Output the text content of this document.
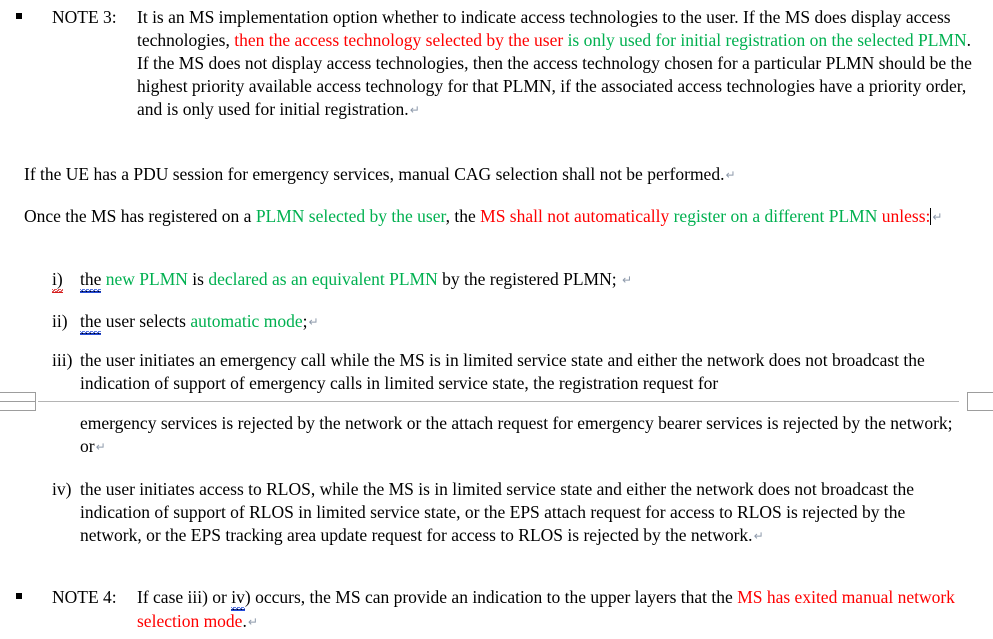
NOTE 3: It is an MS implementation option whether to indicate access technologies to the user. If the MS does display access technologies, then the access technology selected by the user is only used for initial registration on the selected PLMN. If the MS does not display access technologies, then the access technology chosen for a particular PLMN should be the highest priority available access technology for that PLMN, if the associated access technologies have a priority order, and is only used for initial registration.↵
If the UE has a PDU session for emergency services, manual CAG selection shall not be performed.↵
Once the MS has registered on a PLMN selected by the user, the MS shall not automatically register on a different PLMN unless: ↵
i) the new PLMN is declared as an equivalent PLMN by the registered PLMN; ↵
ii) the user selects automatic mode;↵
iii) the user initiates an emergency call while the MS is in limited service state and either the network does not broadcast the indication of support of emergency calls in limited service state, the registration request for
emergency services is rejected by the network or the attach request for emergency bearer services is rejected by the network; or↵
iv) the user initiates access to RLOS, while the MS is in limited service state and either the network does not broadcast the indication of support of RLOS in limited service state, or the EPS attach request for access to RLOS is rejected by the network, or the EPS tracking area update request for access to RLOS is rejected by the network.↵
NOTE 4: If case iii) or iv) occurs, the MS can provide an indication to the upper layers that the MS has exited manual network selection mode.↵
